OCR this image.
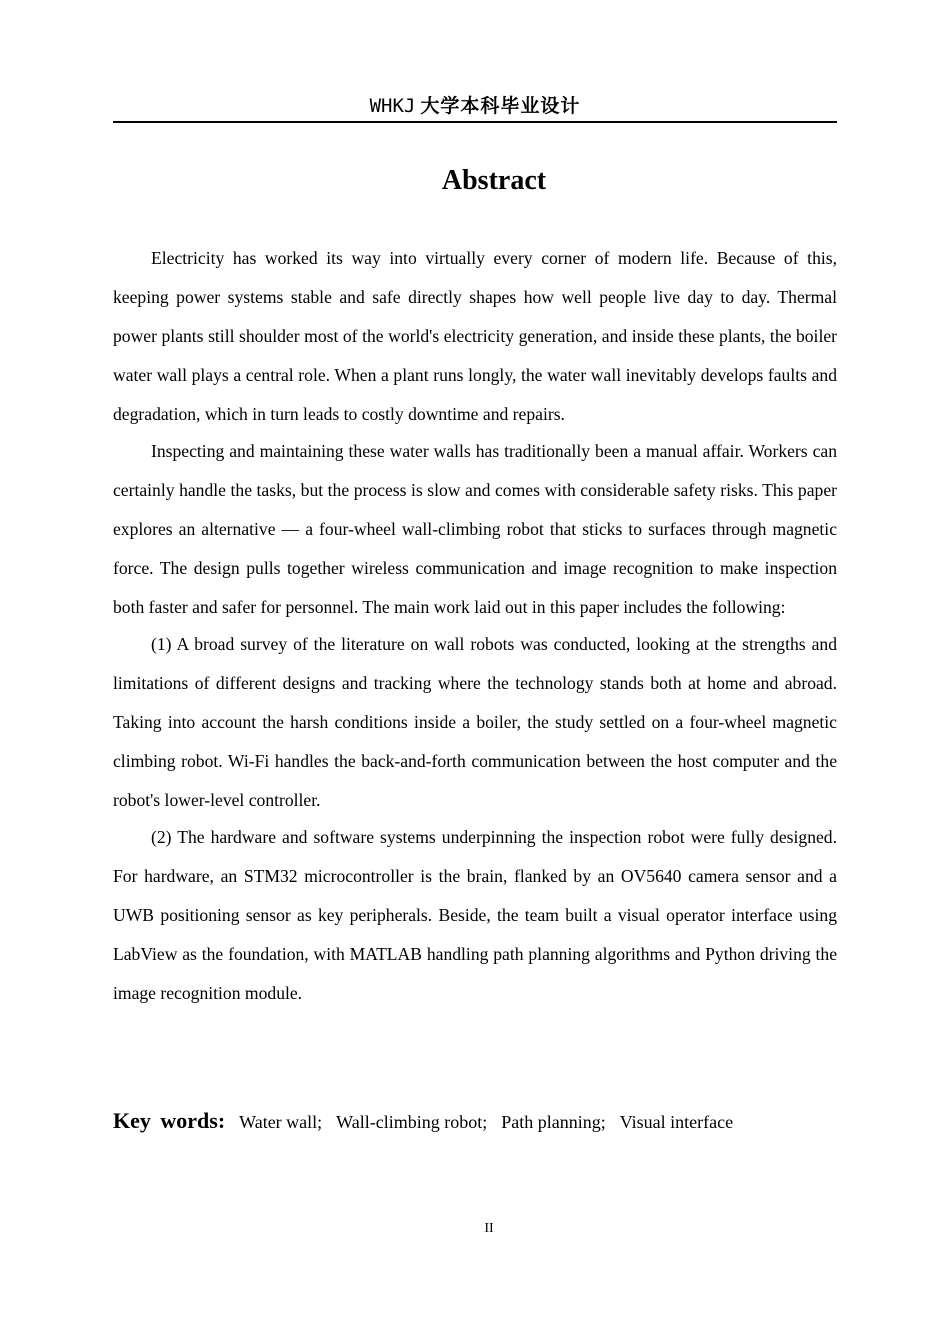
WHKJ 大学本科毕业设计
Abstract

Electricity has worked its way into virtually every corner of modern life. Because of this, keeping power systems stable and safe directly shapes how well people live day to day. Thermal power plants still shoulder most of the world's electricity generation, and inside these plants, the boiler water wall plays a central role. When a plant runs longly, the water wall inevitably develops faults and degradation, which in turn leads to costly downtime and repairs.

Inspecting and maintaining these water walls has traditionally been a manual affair. Workers can certainly handle the tasks, but the process is slow and comes with considerable safety risks. This paper explores an alternative — a four-wheel wall-climbing robot that sticks to surfaces through magnetic force. The design pulls together wireless communication and image recognition to make inspection both faster and safer for personnel. The main work laid out in this paper includes the following:

(1) A broad survey of the literature on wall robots was conducted, looking at the strengths and limitations of different designs and tracking where the technology stands both at home and abroad. Taking into account the harsh conditions inside a boiler, the study settled on a four-wheel magnetic climbing robot. Wi-Fi handles the back-and-forth communication between the host computer and the robot's lower-level controller.

(2) The hardware and software systems underpinning the inspection robot were fully designed. For hardware, an STM32 microcontroller is the brain, flanked by an OV5640 camera sensor and a UWB positioning sensor as key peripherals. Beside, the team built a visual operator interface using LabView as the foundation, with MATLAB handling path planning algorithms and Python driving the image recognition module.

Key words: Water wall; Wall-climbing robot; Path planning; Visual interface
II
